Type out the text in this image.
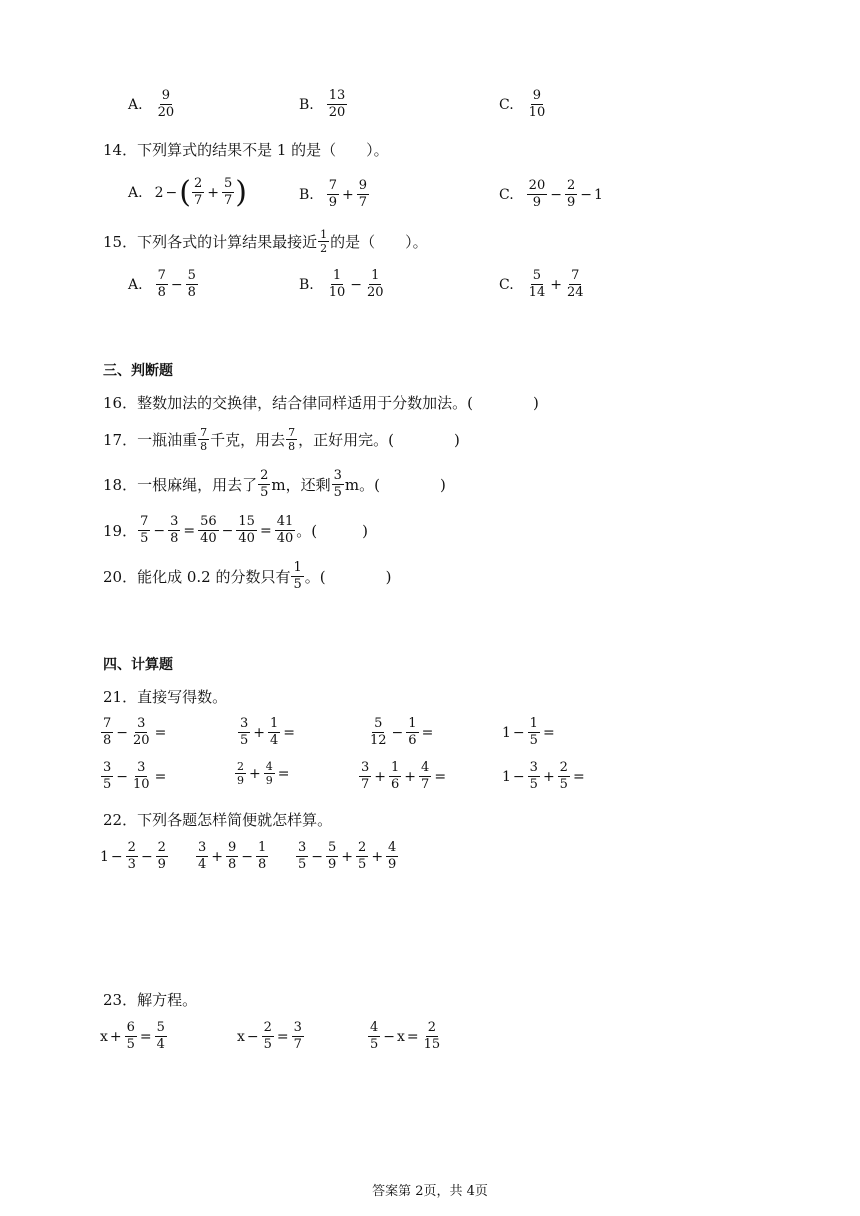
A. $\frac{9}{20}$	B. $\frac{13}{20}$	C. $\frac{9}{10}$
14．下列算式的结果不是 1 的是（　　）。
A. 2 − ( $\frac{2}{7} + \frac{5}{7}$ )	B. $\frac{7}{9} + \frac{9}{7}$	C. $\frac{20}{9} - \frac{2}{9} - 1$
15．下列各式的计算结果最接近 $\frac{1}{2}$ 的是（　　）。
A. $\frac{7}{8} - \frac{5}{8}$	B. $\frac{1}{10} - \frac{1}{20}$	C. $\frac{5}{14} + \frac{7}{24}$
三、判断题
16．整数加法的交换律，结合律同样适用于分数加法。(　　　　)
17．一瓶油重 $\frac{7}{8}$ 千克，用去 $\frac{7}{8}$ ，正好用完。(　　　　)
18．一根麻绳，用去了 $\frac{2}{5}$ m，还剩 $\frac{3}{5}$ m。(　　　　)
19． $\frac{7}{5} - \frac{3}{8} = \frac{56}{40} - \frac{15}{40} = \frac{41}{40}$ 。(　　　)
20．能化成 0.2 的分数只有 $\frac{1}{5}$ 。(　　　　)
四、计算题
21．直接写得数。
$\frac{7}{8} - \frac{3}{20}$ =	$\frac{3}{5} + \frac{1}{4}$ =	$\frac{5}{12} - \frac{1}{6}$ =	$1 - \frac{1}{5}$ =
$\frac{3}{5} - \frac{3}{10}$ =	$\frac{2}{9} + \frac{4}{9}$ =	$\frac{3}{7} + \frac{1}{6} + \frac{4}{7}$ =	$1 - \frac{3}{5} + \frac{2}{5}$ =
22．下列各题怎样简便就怎样算。
$1 - \frac{2}{3} - \frac{2}{9} \frac{3}{4} + \frac{9}{8} - \frac{1}{8} \frac{3}{5} - \frac{5}{9} + \frac{2}{5} + \frac{4}{9}$
23．解方程。
$x + \frac{6}{5} = \frac{5}{4}$	$x - \frac{2}{5} = \frac{3}{7}$	$\frac{4}{5} - x = \frac{2}{15}$
答案第 2页，共 4页
